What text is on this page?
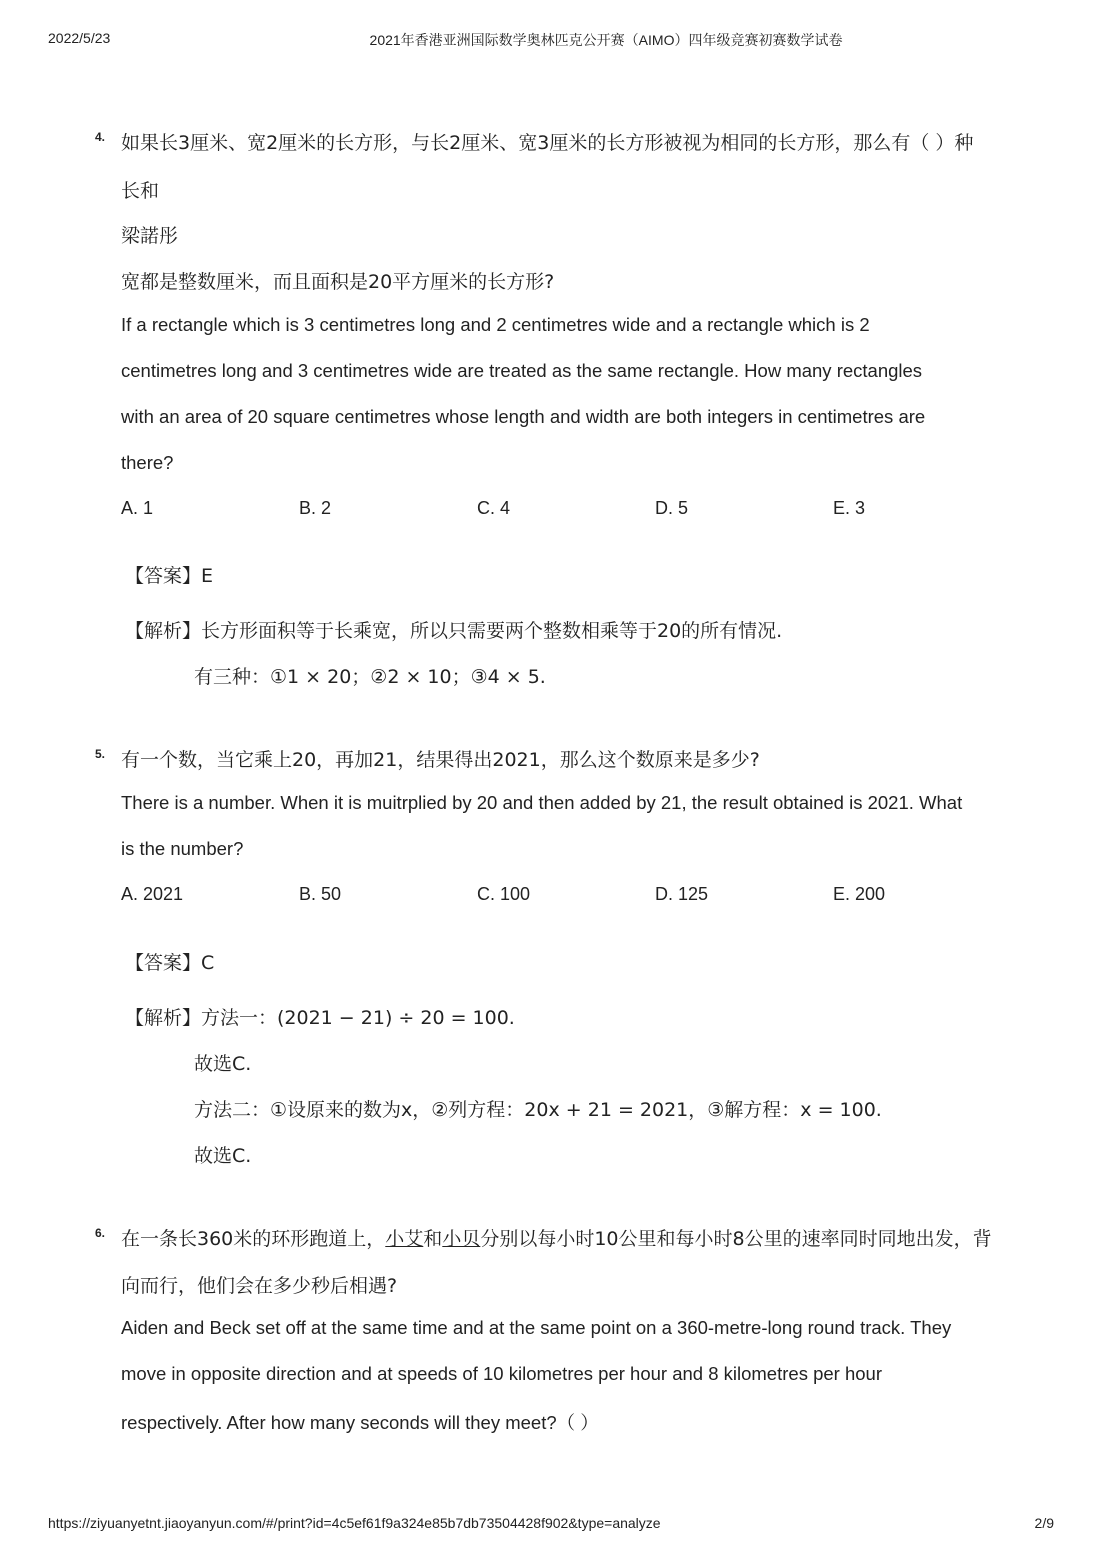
2022/5/23	2021年香港亚洲国际数学奥林匹克公开赛（AIMO）四年级竞赛初赛数学试卷
4. 如果长3厘米、宽2厘米的长方形，与长2厘米、宽3厘米的长方形被视为相同的长方形，那么有（ ）种
长和
梁諾彤
宽都是整数厘米，而且面积是20平方厘米的长方形?
If a rectangle which is 3 centimetres long and 2 centimetres wide and a rectangle which is 2
centimetres long and 3 centimetres wide are treated as the same rectangle. How many rectangles
with an area of 20 square centimetres whose length and width are both integers in centimetres are
there?
A. 1	B. 2	C. 4	D. 5	E. 3
【答案】E
【解析】长方形面积等于长乘宽，所以只需要两个整数相乘等于20的所有情况.
有三种：①1 × 20；②2 × 10；③4 × 5.
5. 有一个数，当它乘上20，再加21，结果得出2021，那么这个数原来是多少?
There is a number. When it is muitrplied by 20 and then added by 21, the result obtained is 2021. What
is the number?
A. 2021	B. 50	C. 100	D. 125	E. 200
【答案】C
【解析】方法一：(2021 − 21) ÷ 20 = 100.
故选C.
方法二：①设原来的数为x，②列方程：20x + 21 = 2021，③解方程：x = 100.
故选C.
6. 在一条长360米的环形跑道上，小艾和小贝分别以每小时10公里和每小时8公里的速率同时同地出发，背
向而行，他们会在多少秒后相遇?
Aiden and Beck set off at the same time and at the same point on a 360-metre-long round track. They
move in opposite direction and at speeds of 10 kilometres per hour and 8 kilometres per hour
respectively. After how many seconds will they meet?（ ）
https://ziyuanyetnt.jiaoyanyun.com/#/print?id=4c5ef61f9a324e85b7db73504428f902&type=analyze	2/9
